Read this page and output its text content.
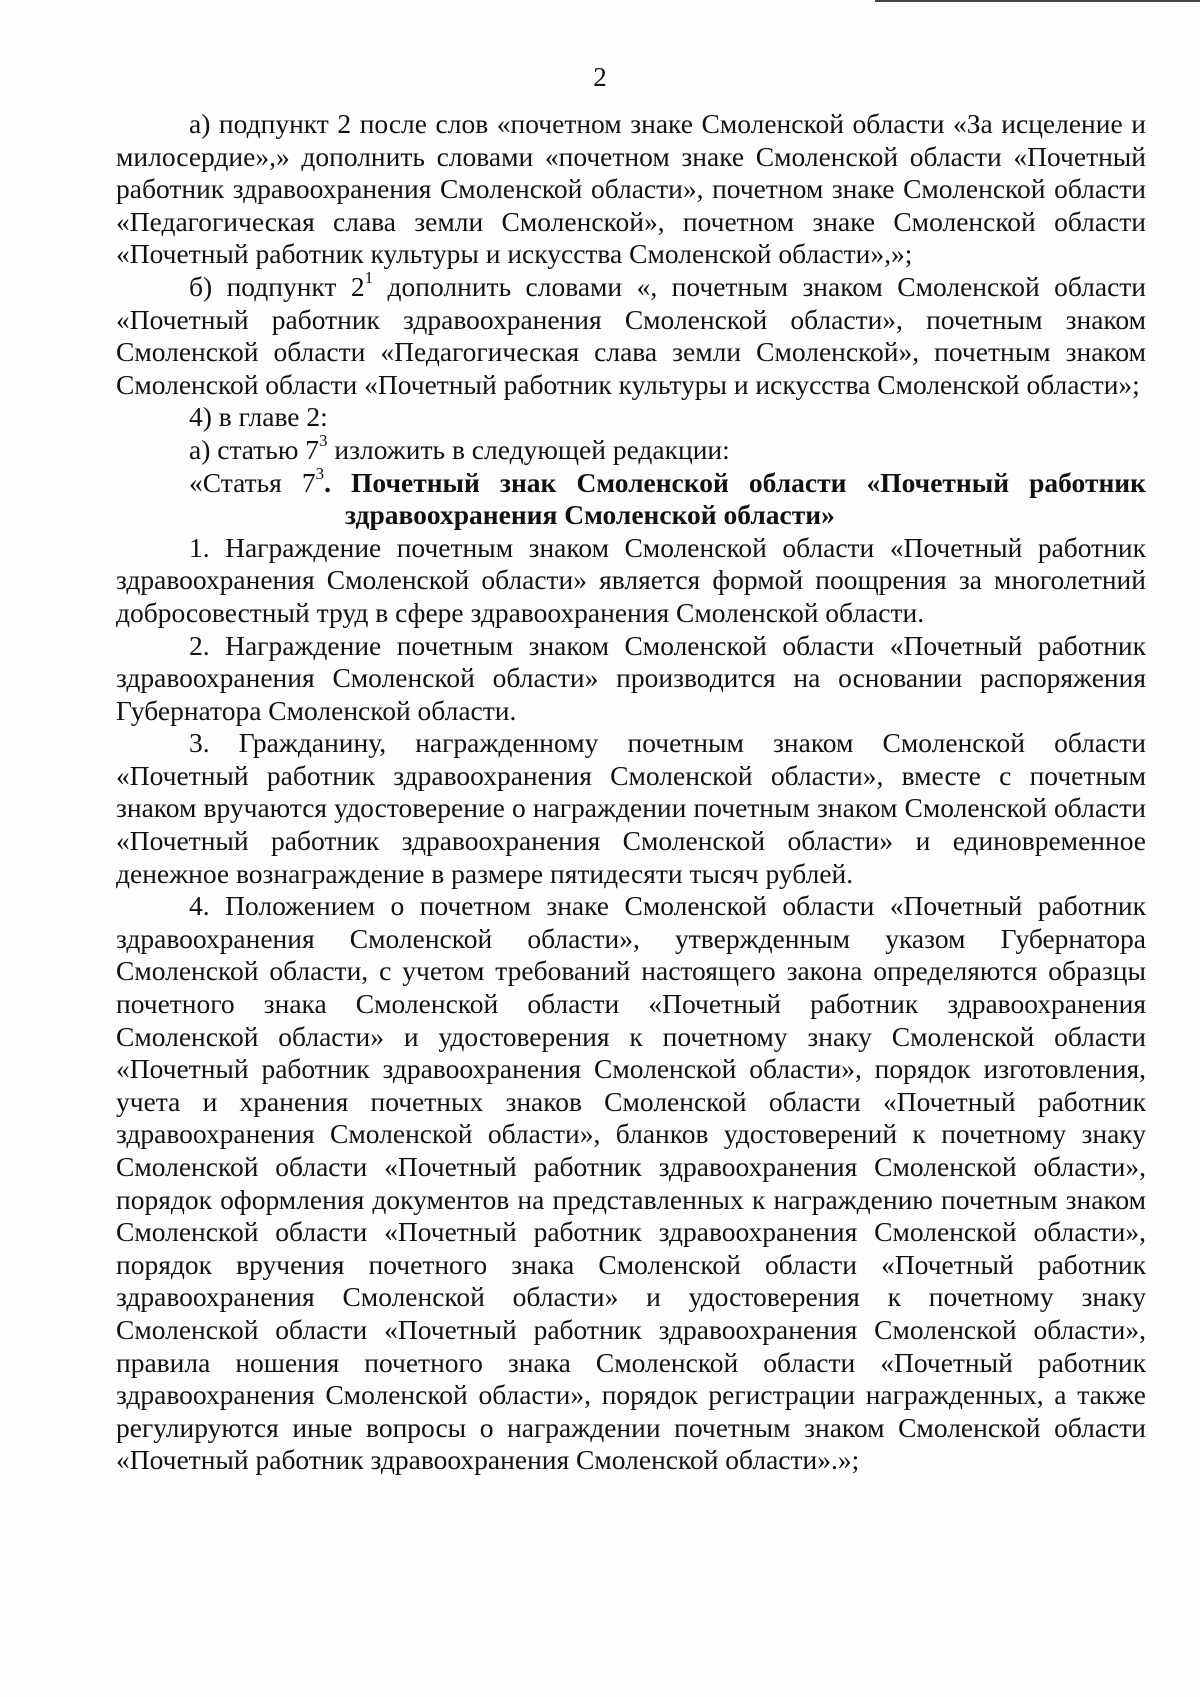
2

а) подпункт 2 после слов «почетном знаке Смоленской области «За исцеление и милосердие»,» дополнить словами «почетном знаке Смоленской области «Почетный работник здравоохранения Смоленской области», почетном знаке Смоленской области «Педагогическая слава земли Смоленской», почетном знаке Смоленской области «Почетный работник культуры и искусства Смоленской области»,»;

б) подпункт $2^1$ дополнить словами «, почетным знаком Смоленской области «Почетный работник здравоохранения Смоленской области», почетным знаком Смоленской области «Педагогическая слава земли Смоленской», почетным знаком Смоленской области «Почетный работник культуры и искусства Смоленской области»;

4) в главе 2:

а) статью $7^3$ изложить в следующей редакции:

«Статья $7^3$. Почетный знак Смоленской области «Почетный работник
здравоохранения Смоленской области»

1. Награждение почетным знаком Смоленской области «Почетный работник здравоохранения Смоленской области» является формой поощрения за многолетний добросовестный труд в сфере здравоохранения Смоленской области.

2. Награждение почетным знаком Смоленской области «Почетный работник здравоохранения Смоленской области» производится на основании распоряжения Губернатора Смоленской области.

3. Гражданину, награжденному почетным знаком Смоленской области «Почетный работник здравоохранения Смоленской области», вместе с почетным знаком вручаются удостоверение о награждении почетным знаком Смоленской области «Почетный работник здравоохранения Смоленской области» и единовременное денежное вознаграждение в размере пятидесяти тысяч рублей.

4. Положением о почетном знаке Смоленской области «Почетный работник здравоохранения Смоленской области», утвержденным указом Губернатора Смоленской области, с учетом требований настоящего закона определяются образцы почетного знака Смоленской области «Почетный работник здравоохранения Смоленской области» и удостоверения к почетному знаку Смоленской области «Почетный работник здравоохранения Смоленской области», порядок изготовления, учета и хранения почетных знаков Смоленской области «Почетный работник здравоохранения Смоленской области», бланков удостоверений к почетному знаку Смоленской области «Почетный работник здравоохранения Смоленской области», порядок оформления документов на представленных к награждению почетным знаком Смоленской области «Почетный работник здравоохранения Смоленской области», порядок вручения почетного знака Смоленской области «Почетный работник здравоохранения Смоленской области» и удостоверения к почетному знаку Смоленской области «Почетный работник здравоохранения Смоленской области», правила ношения почетного знака Смоленской области «Почетный работник здравоохранения Смоленской области», порядок регистрации награжденных, а также регулируются иные вопросы о награждении почетным знаком Смоленской области «Почетный работник здравоохранения Смоленской области».»;
